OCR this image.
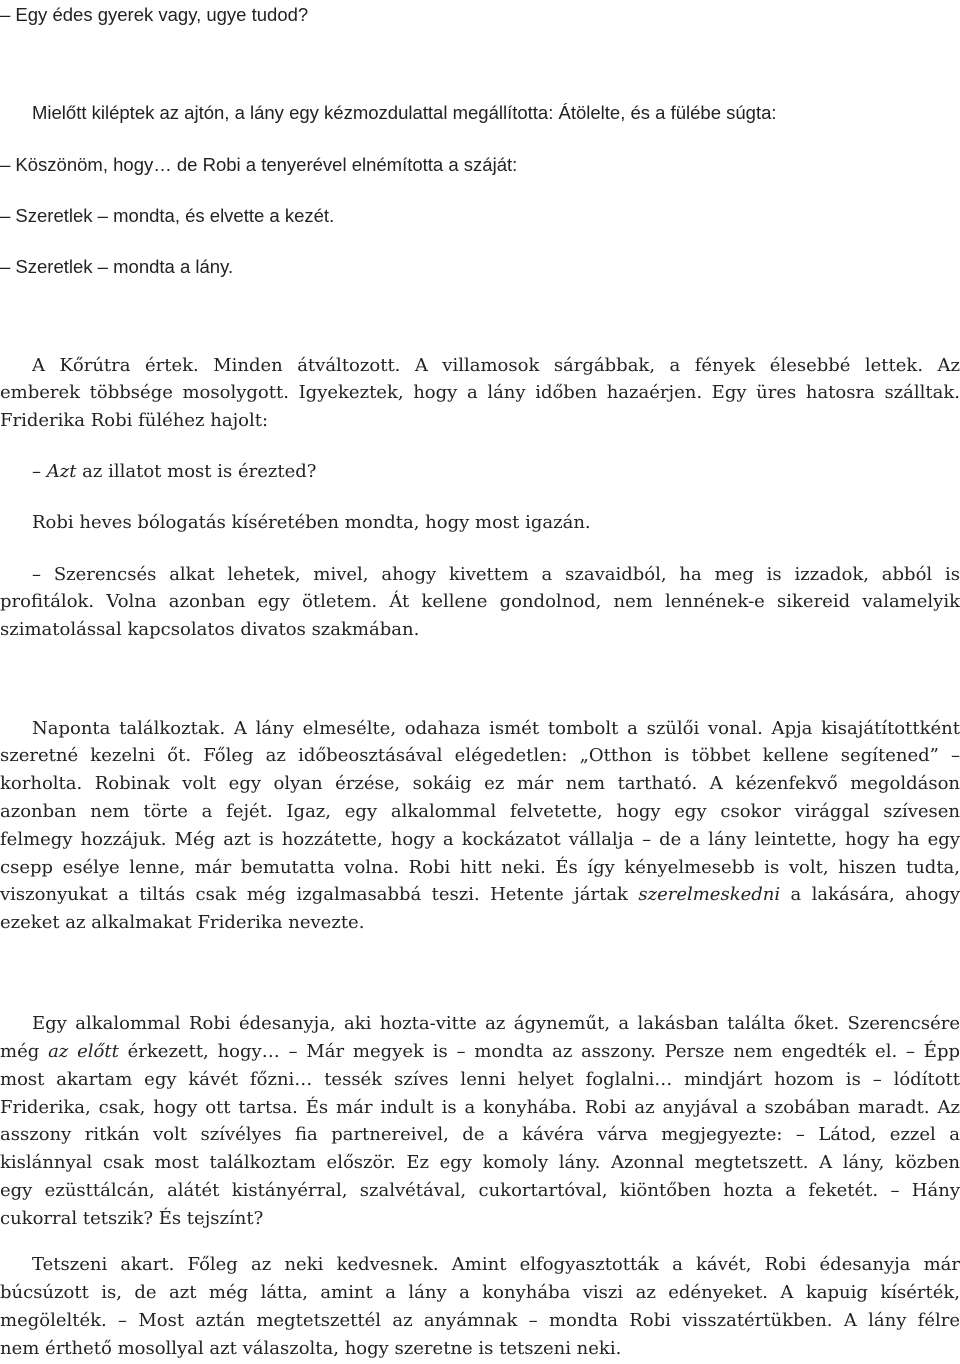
– Egy édes gyerek vagy, ugye tudod?

Mielőtt kiléptek az ajtón, a lány egy kézmozdulattal megállította: Átölelte, és a fülébe súgta:

– Köszönöm, hogy… de Robi a tenyerével elnémította a száját:

– Szeretlek – mondta, és elvette a kezét.

– Szeretlek – mondta a lány.

A Kőrútra értek. Minden átváltozott. A villamosok sárgábbak, a fények élesebbé lettek. Az

emberek többsége mosolygott. Igyekeztek, hogy a lány időben hazaérjen. Egy üres hatosra szálltak.

Friderika Robi füléhez hajolt:

– Azt az illatot most is érezted?

Robi heves bólogatás kíséretében mondta, hogy most igazán.

– Szerencsés alkat lehetek, mivel, ahogy kivettem a szavaidból, ha meg is izzadok, abból is

profitálok. Volna azonban egy ötletem. Át kellene gondolnod, nem lennének-e sikereid valamelyik

szimatolással kapcsolatos divatos szakmában.

Naponta találkoztak. A lány elmesélte, odahaza ismét tombolt a szülői vonal. Apja kisajátítottként

szeretné kezelni őt. Főleg az időbeosztásával elégedetlen: „Otthon is többet kellene segítened” –

korholta. Robinak volt egy olyan érzése, sokáig ez már nem tartható. A kézenfekvő megoldáson

azonban nem törte a fejét. Igaz, egy alkalommal felvetette, hogy egy csokor virággal szívesen

felmegy hozzájuk. Még azt is hozzátette, hogy a kockázatot vállalja – de a lány leintette, hogy ha egy

csepp esélye lenne, már bemutatta volna. Robi hitt neki. És így kényelmesebb is volt, hiszen tudta,

viszonyukat a tiltás csak még izgalmasabbá teszi. Hetente jártak szerelmeskedni a lakására, ahogy

ezeket az alkalmakat Friderika nevezte.

Egy alkalommal Robi édesanyja, aki hozta-vitte az ágyneműt, a lakásban találta őket. Szerencsére

még az előtt érkezett, hogy… – Már megyek is – mondta az asszony. Persze nem engedték el. – Épp

most akartam egy kávét főzni… tessék szíves lenni helyet foglalni… mindjárt hozom is – lódított

Friderika, csak, hogy ott tartsa. És már indult is a konyhába. Robi az anyjával a szobában maradt. Az

asszony ritkán volt szívélyes fia partnereivel, de a kávéra várva megjegyezte: – Látod, ezzel a

kislánnyal csak most találkoztam először. Ez egy komoly lány. Azonnal megtetszett. A lány, közben

egy ezüsttálcán, alátét kistányérral, szalvétával, cukortartóval, kiöntőben hozta a feketét. – Hány

cukorral tetszik? És tejszínt?

Tetszeni akart. Főleg az neki kedvesnek. Amint elfogyasztották a kávét, Robi édesanyja már

búcsúzott is, de azt még látta, amint a lány a konyhába viszi az edényeket. A kapuig kísérték,

megölelték. – Most aztán megtetszettél az anyámnak – mondta Robi visszatértükben. A lány félre

nem érthető mosollyal azt válaszolta, hogy szeretne is tetszeni neki.
